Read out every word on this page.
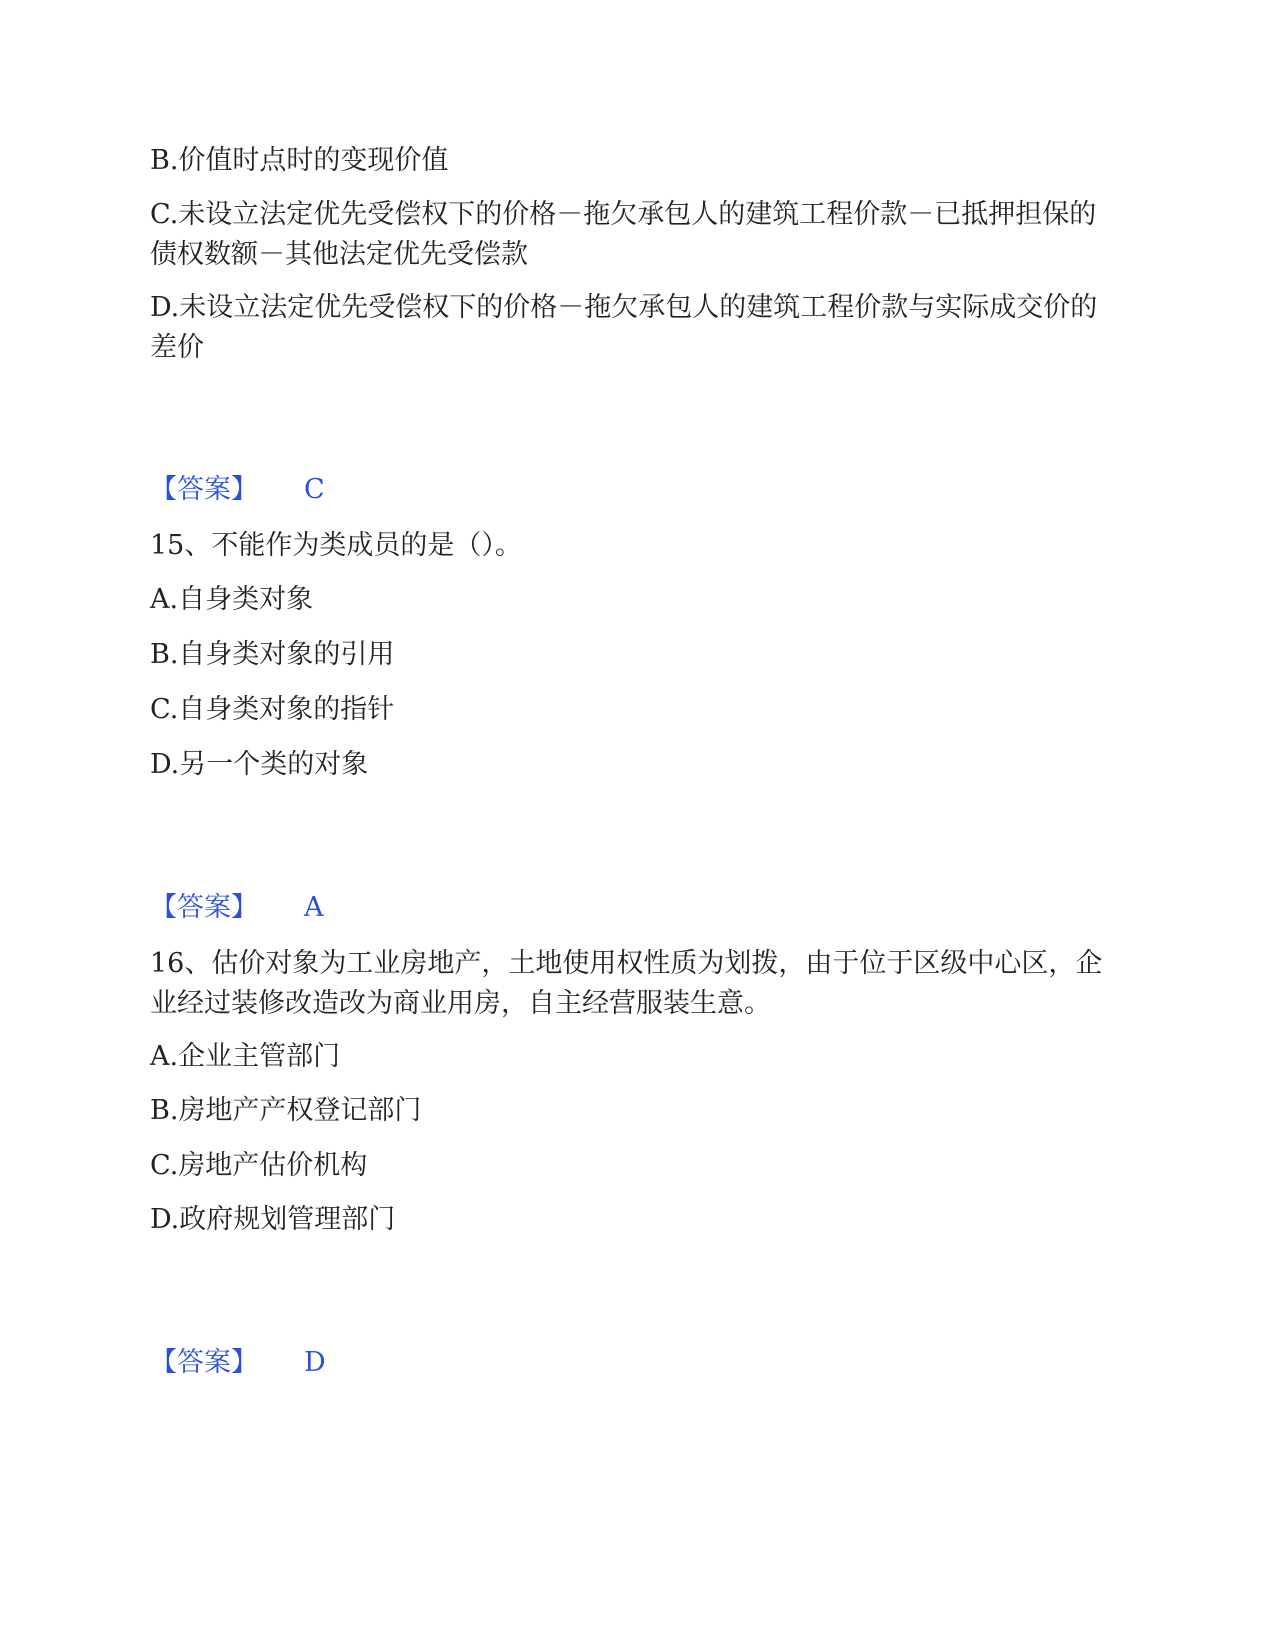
B.价值时点时的变现价值

C.未设立法定优先受偿权下的价格－拖欠承包人的建筑工程价款－已抵押担保的债权数额－其他法定优先受偿款

D.未设立法定优先受偿权下的价格－拖欠承包人的建筑工程价款与实际成交价的差价

【答案】 C

15、不能作为类成员的是（）。

A.自身类对象

B.自身类对象的引用

C.自身类对象的指针

D.另一个类的对象

【答案】 A

16、估价对象为工业房地产，土地使用权性质为划拨，由于位于区级中心区，企业经过装修改造改为商业用房，自主经营服装生意。

A.企业主管部门

B.房地产产权登记部门

C.房地产估价机构

D.政府规划管理部门

【答案】 D
